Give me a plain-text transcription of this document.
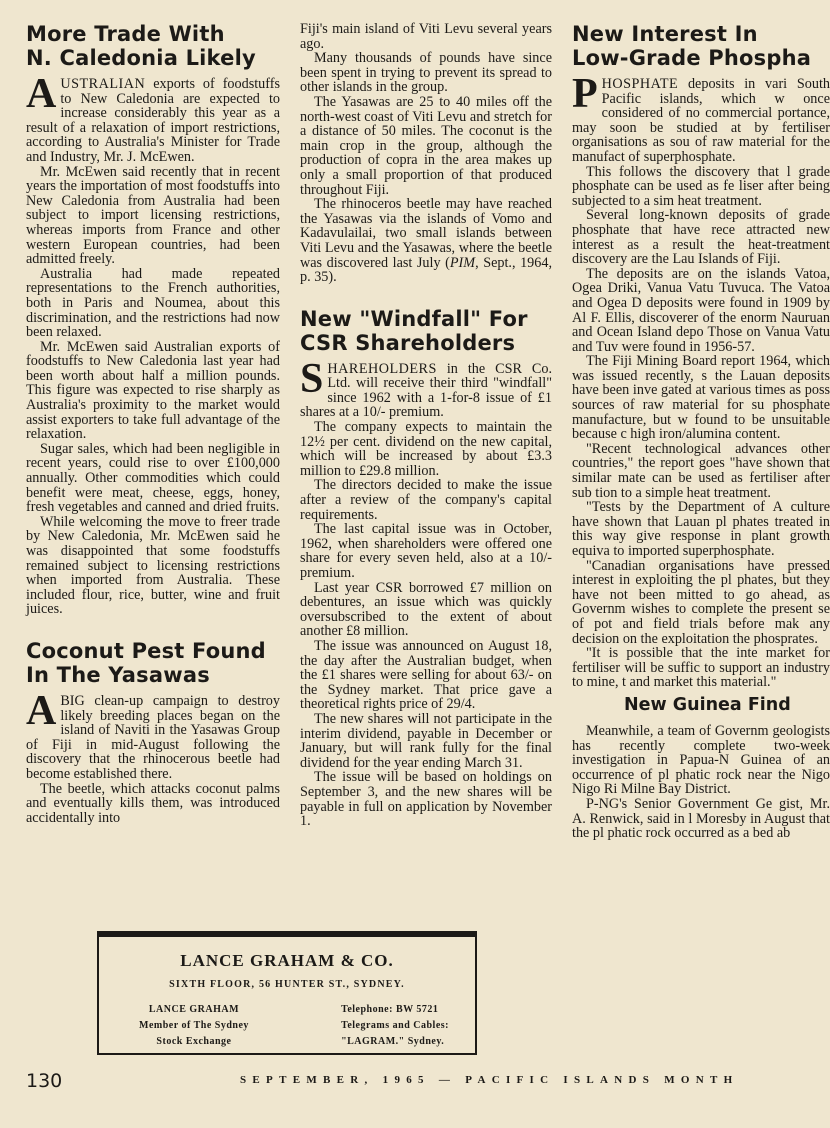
More Trade With
N. Caledonia Likely

AUSTRALIAN exports of foodstuffs to New Caledonia are expected to increase considerably this year as a result of a relaxation of import restrictions, according to Australia's Minister for Trade and Industry, Mr. J. McEwen.

Mr. McEwen said recently that in recent years the importation of most foodstuffs into New Caledonia from Australia had been subject to import licensing restrictions, whereas imports from France and other western European countries, had been admitted freely.

Australia had made repeated representations to the French authorities, both in Paris and Noumea, about this discrimination, and the restrictions had now been relaxed.

Mr. McEwen said Australian exports of foodstuffs to New Caledonia last year had been worth about half a million pounds. This figure was expected to rise sharply as Australia's proximity to the market would assist exporters to take full advantage of the relaxation.

Sugar sales, which had been negligible in recent years, could rise to over £100,000 annually. Other commodities which could benefit were meat, cheese, eggs, honey, fresh vegetables and canned and dried fruits.

While welcoming the move to freer trade by New Caledonia, Mr. McEwen said he was disappointed that some foodstuffs remained subject to licensing restrictions when imported from Australia. These included flour, rice, butter, wine and fruit juices.

Coconut Pest Found
In The Yasawas

A BIG clean-up campaign to destroy likely breeding places began on the island of Naviti in the Yasawas Group of Fiji in mid-August following the discovery that the rhinocerous beetle had become established there.

The beetle, which attacks coconut palms and eventually kills them, was introduced accidentally into

Fiji's main island of Viti Levu several years ago.

Many thousands of pounds have since been spent in trying to prevent its spread to other islands in the group.

The Yasawas are 25 to 40 miles off the north-west coast of Viti Levu and stretch for a distance of 50 miles. The coconut is the main crop in the group, although the production of copra in the area makes up only a small proportion of that produced throughout Fiji.

The rhinoceros beetle may have reached the Yasawas via the islands of Vomo and Kadavulailai, two small islands between Viti Levu and the Yasawas, where the beetle was discovered last July (PIM, Sept., 1964, p. 35).

New "Windfall" For
CSR Shareholders

SHAREHOLDERS in the CSR Co. Ltd. will receive their third "windfall" since 1962 with a 1-for-8 issue of £1 shares at a 10/- premium.

The company expects to maintain the 12½ per cent. dividend on the new capital, which will be increased by about £3.3 million to £29.8 million.

The directors decided to make the issue after a review of the company's capital requirements.

The last capital issue was in October, 1962, when shareholders were offered one share for every seven held, also at a 10/- premium.

Last year CSR borrowed £7 million on debentures, an issue which was quickly oversubscribed to the extent of about another £8 million.

The issue was announced on August 18, the day after the Australian budget, when the £1 shares were selling for about 63/- on the Sydney market. That price gave a theoretical rights price of 29/4.

The new shares will not participate in the interim dividend, payable in December or January, but will rank fully for the final dividend for the year ending March 31.

The issue will be based on holdings on September 3, and the new shares will be payable in full on application by November 1.

New Interest In
Low-Grade Phospha

PHOSPHATE deposits in vari South Pacific islands, which w once considered of no commercial portance, may soon be studied at by fertiliser organisations as sou of raw material for the manufact of superphosphate.

This follows the discovery that l grade phosphate can be used as fe liser after being subjected to a sim heat treatment.

Several long-known deposits of grade phosphate that have rece attracted new interest as a result the heat-treatment discovery are the Lau Islands of Fiji.

The deposits are on the islands Vatoa, Ogea Driki, Vanua Vatu Tuvuca. The Vatoa and Ogea D deposits were found in 1909 by Al F. Ellis, discoverer of the enorm Nauruan and Ocean Island depo Those on Vanua Vatu and Tuv were found in 1956-57.

The Fiji Mining Board report 1964, which was issued recently, s the Lauan deposits have been inve gated at various times as poss sources of raw material for su phosphate manufacture, but w found to be unsuitable because c high iron/alumina content.

"Recent technological advances other countries," the report goes "have shown that similar mate can be used as fertiliser after sub tion to a simple heat treatment.

"Tests by the Department of A culture have shown that Lauan pl phates treated in this way give response in plant growth equiva to imported superphosphate.

"Canadian organisations have pressed interest in exploiting the pl phates, but they have not been mitted to go ahead, as Governm wishes to complete the present se of pot and field trials before mak any decision on the exploitation the phosprates.

"It is possible that the inte market for fertiliser will be suffic to support an industry to mine, t and market this material."

New Guinea Find

Meanwhile, a team of Governm geologists has recently complete two-week investigation in Papua-N Guinea of an occurrence of pl phatic rock near the Nigo Nigo Ri Milne Bay District.

P-NG's Senior Government Ge gist, Mr. A. Renwick, said in l Moresby in August that the pl phatic rock occurred as a bed ab

LANCE GRAHAM & CO.
SIXTH FLOOR, 56 HUNTER ST., SYDNEY.
LANCE GRAHAM
Member of The Sydney
Stock Exchange
Telephone: BW 5721
Telegrams and Cables:
"LAGRAM." Sydney.
130	SEPTEMBER, 1965 — PACIFIC ISLANDS MONTH
